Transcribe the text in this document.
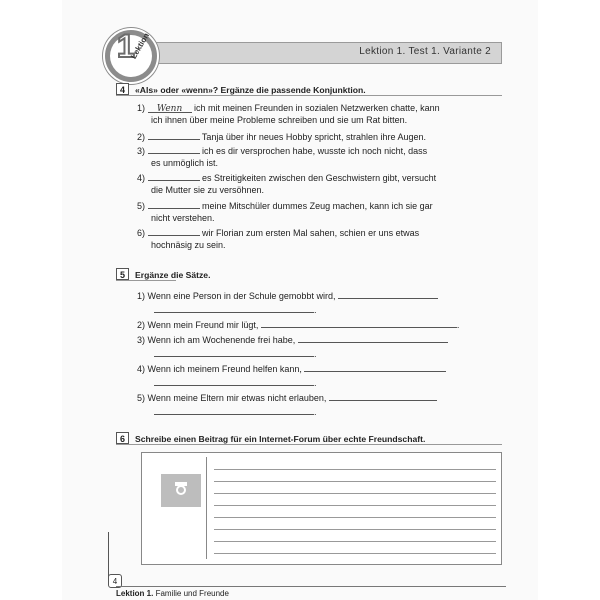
Lektion 1. Test 1. Variante 2
1
Lektion
4 «Als» oder «wenn»? Ergänze die passende Konjunktion.
1) Wenn ich mit meinen Freunden in sozialen Netzwerken chatte, kann
ich ihnen über meine Probleme schreiben und sie um Rat bitten.
2)	Tanja über ihr neues Hobby spricht, strahlen ihre Augen.
3)	ich es dir versprochen habe, wusste ich noch nicht, dass
es unmöglich ist.
4)	es Streitigkeiten zwischen den Geschwistern gibt, versucht
die Mutter sie zu versöhnen.
5)	meine Mitschüler dummes Zeug machen, kann ich sie gar
nicht verstehen.
6)	wir Florian zum ersten Mal sahen, schien er uns etwas
hochnäsig zu sein.
5 Ergänze die Sätze.
1) Wenn eine Person in der Schule gemobbt wird,
.
2) Wenn mein Freund mir lügt,	.
3) Wenn ich am Wochenende frei habe,
.
4) Wenn ich meinem Freund helfen kann,
.
5) Wenn meine Eltern mir etwas nicht erlauben,
.
6 Schreibe einen Beitrag für ein Internet-Forum über echte Freundschaft.
4
Lektion 1. Familie und Freunde
